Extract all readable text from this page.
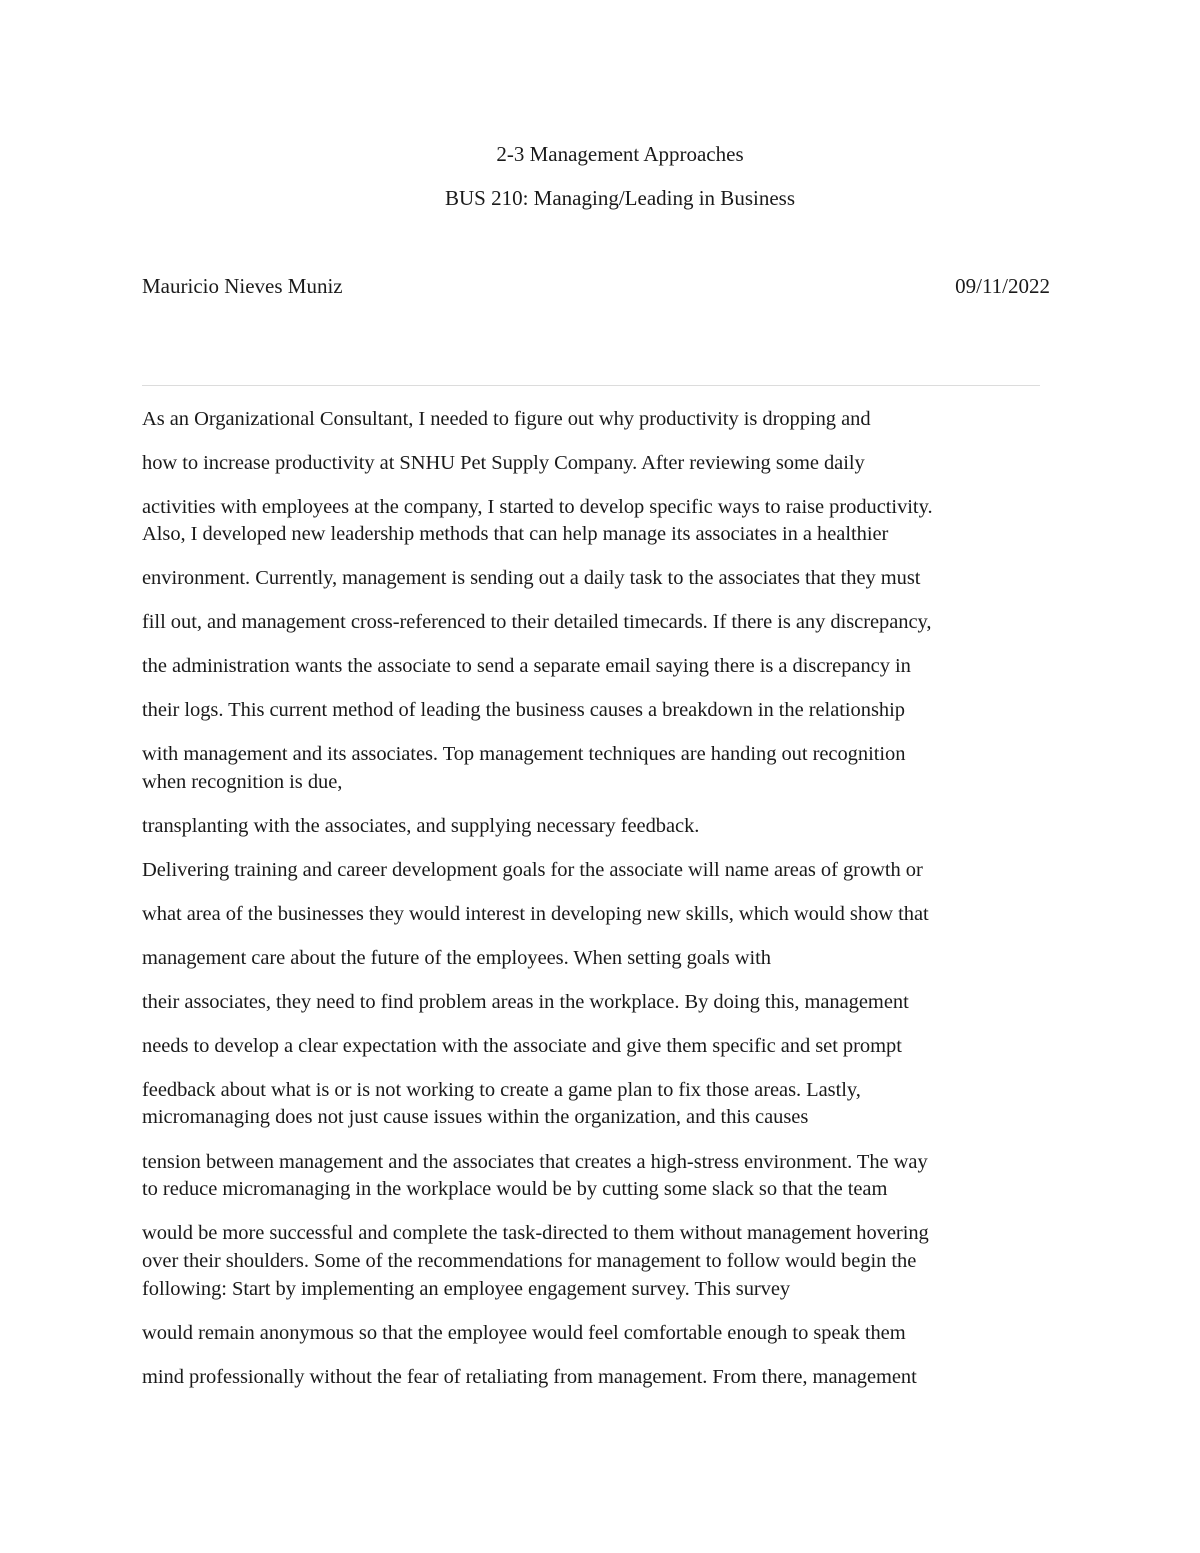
2-3 Management Approaches
BUS 210: Managing/Leading in Business
Mauricio Nieves Muniz	09/11/2022
As an Organizational Consultant, I needed to figure out why productivity is dropping and
how to increase productivity at SNHU Pet Supply Company. After reviewing some daily
activities with employees at the company, I started to develop specific ways to raise productivity.
Also, I developed new leadership methods that can help manage its associates in a healthier
environment. Currently, management is sending out a daily task to the associates that they must
fill out, and management cross-referenced to their detailed timecards. If there is any discrepancy,
the administration wants the associate to send a separate email saying there is a discrepancy in
their logs. This current method of leading the business causes a breakdown in the relationship
with management and its associates. Top management techniques are handing out recognition
when recognition is due,
transplanting with the associates, and supplying necessary feedback.
Delivering training and career development goals for the associate will name areas of growth or
what area of the businesses they would interest in developing new skills, which would show that
management care about the future of the employees. When setting goals with
their associates, they need to find problem areas in the workplace. By doing this, management
needs to develop a clear expectation with the associate and give them specific and set prompt
feedback about what is or is not working to create a game plan to fix those areas. Lastly,
micromanaging does not just cause issues within the organization, and this causes
tension between management and the associates that creates a high-stress environment. The way
to reduce micromanaging in the workplace would be by cutting some slack so that the team
would be more successful and complete the task-directed to them without management hovering
over their shoulders. Some of the recommendations for management to follow would begin the
following: Start by implementing an employee engagement survey. This survey
would remain anonymous so that the employee would feel comfortable enough to speak them
mind professionally without the fear of retaliating from management. From there, management
